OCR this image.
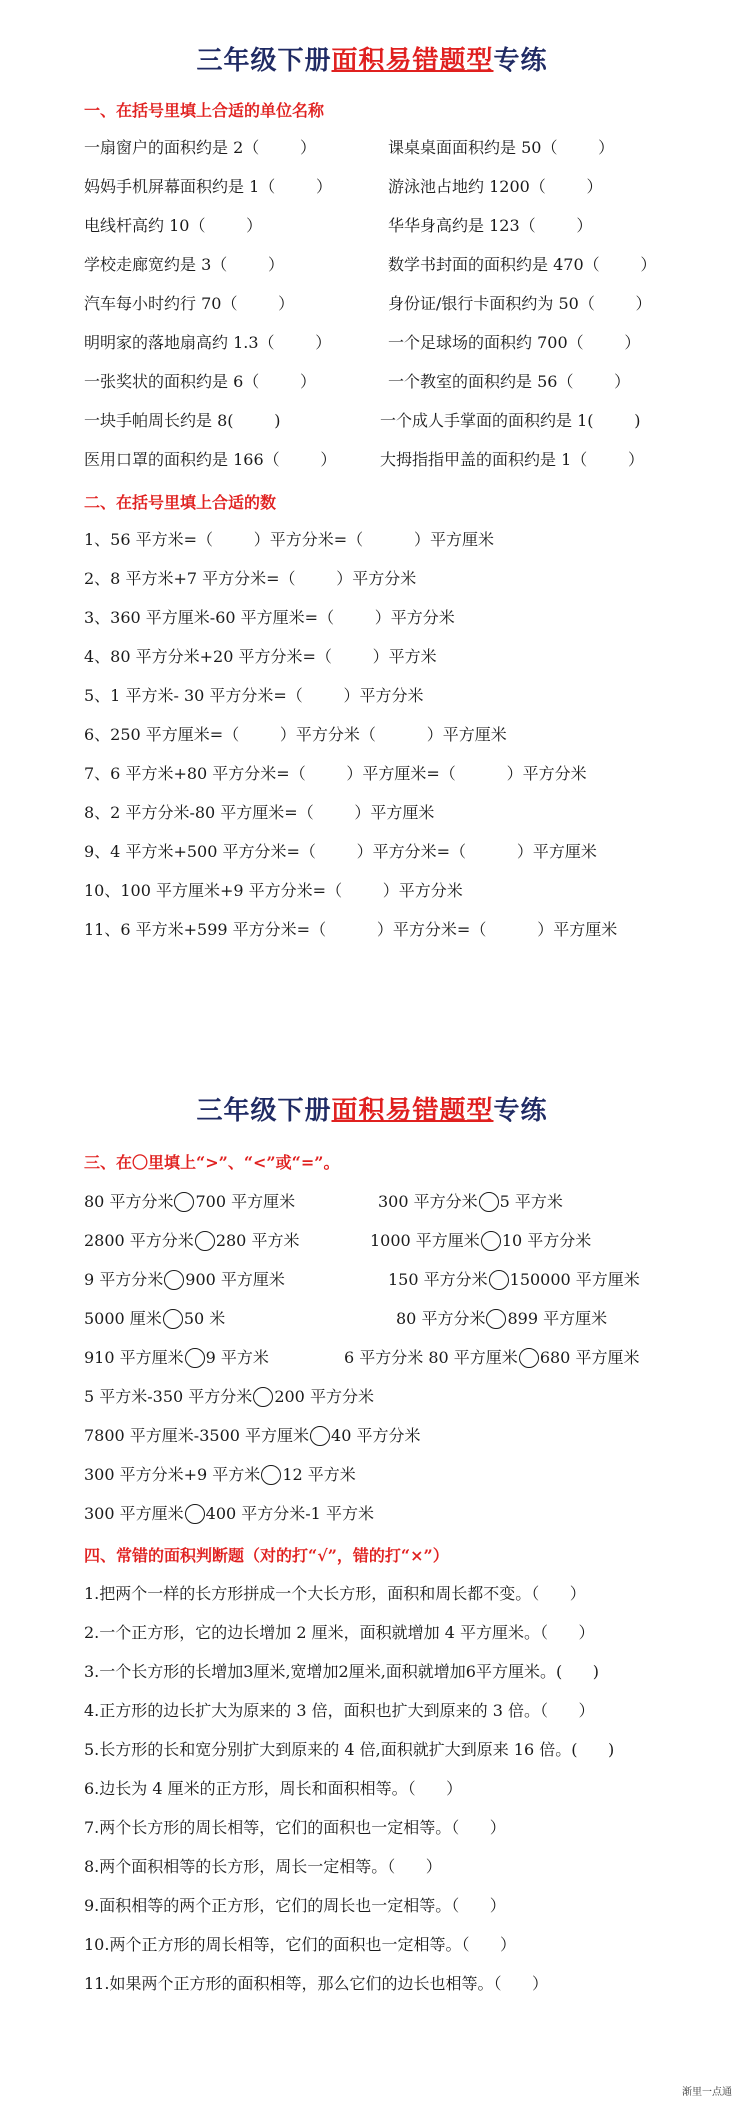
三年级下册面积易错题型专练
一、在括号里填上合适的单位名称
一扇窗户的面积约是 2（        ）
妈妈手机屏幕面积约是 1（        ）
电线杆高约 10（        ）
学校走廊宽约是 3（        ）
汽车每小时约行 70（        ）
明明家的落地扇高约 1.3（        ）
一张奖状的面积约是 6（        ）
一块手帕周长约是 8(        )
医用口罩的面积约是 166（        ）
课桌桌面面积约是 50（        ）
游泳池占地约 1200（        ）
华华身高约是 123（        ）
数学书封面的面积约是 470（        ）
身份证/银行卡面积约为 50（        ）
一个足球场的面积约 700（        ）
一个教室的面积约是 56（        ）
一个成人手掌面的面积约是 1(        )
大拇指指甲盖的面积约是 1（        ）
二、在括号里填上合适的数
1、56 平方米=（        ）平方分米=（          ）平方厘米
2、8 平方米+7 平方分米=（        ）平方分米
3、360 平方厘米-60 平方厘米=（        ）平方分米
4、80 平方分米+20 平方分米=（        ）平方米
5、1 平方米- 30 平方分米=（        ）平方分米
6、250 平方厘米=（        ）平方分米（          ）平方厘米
7、6 平方米+80 平方分米=（        ）平方厘米=（          ）平方分米
8、2 平方分米-80 平方厘米=（        ）平方厘米
9、4 平方米+500 平方分米=（        ）平方分米=（          ）平方厘米
10、100 平方厘米+9 平方分米=（        ）平方分米
11、6 平方米+599 平方分米=（          ）平方分米=（          ）平方厘米
三年级下册面积易错题型专练
三、在〇里填上“>”、“<”或“=”。
80 平方分米 700 平方厘米
2800 平方分米 280 平方米
9 平方分米 900 平方厘米
5000 厘米 50 米
910 平方厘米 9 平方米
300 平方分米 5 平方米
1000 平方厘米 10 平方分米
150 平方分米 150000 平方厘米
80 平方分米 899 平方厘米
6 平方分米 80 平方厘米 680 平方厘米
5 平方米-350 平方分米 200 平方分米
7800 平方厘米-3500 平方厘米 40 平方分米
300 平方分米+9 平方米 12 平方米
300 平方厘米 400 平方分米-1 平方米
四、常错的面积判断题（对的打“√”，错的打“×”）
1.把两个一样的长方形拼成一个大长方形，面积和周长都不变。（      ）
2.一个正方形，它的边长增加 2 厘米，面积就增加 4 平方厘米。（      ）
3.一个长方形的长增加3厘米,宽增加2厘米,面积就增加6平方厘米。(      )
4.正方形的边长扩大为原来的 3 倍，面积也扩大到原来的 3 倍。（      ）
5.长方形的长和宽分别扩大到原来的 4 倍,面积就扩大到原来 16 倍。(      )
6.边长为 4 厘米的正方形，周长和面积相等。（      ）
7.两个长方形的周长相等，它们的面积也一定相等。（      ）
8.两个面积相等的长方形，周长一定相等。（      ）
9.面积相等的两个正方形，它们的周长也一定相等。（      ）
10.两个正方形的周长相等，它们的面积也一定相等。（      ）
11.如果两个正方形的面积相等，那么它们的边长也相等。（      ）
渐里一点通
